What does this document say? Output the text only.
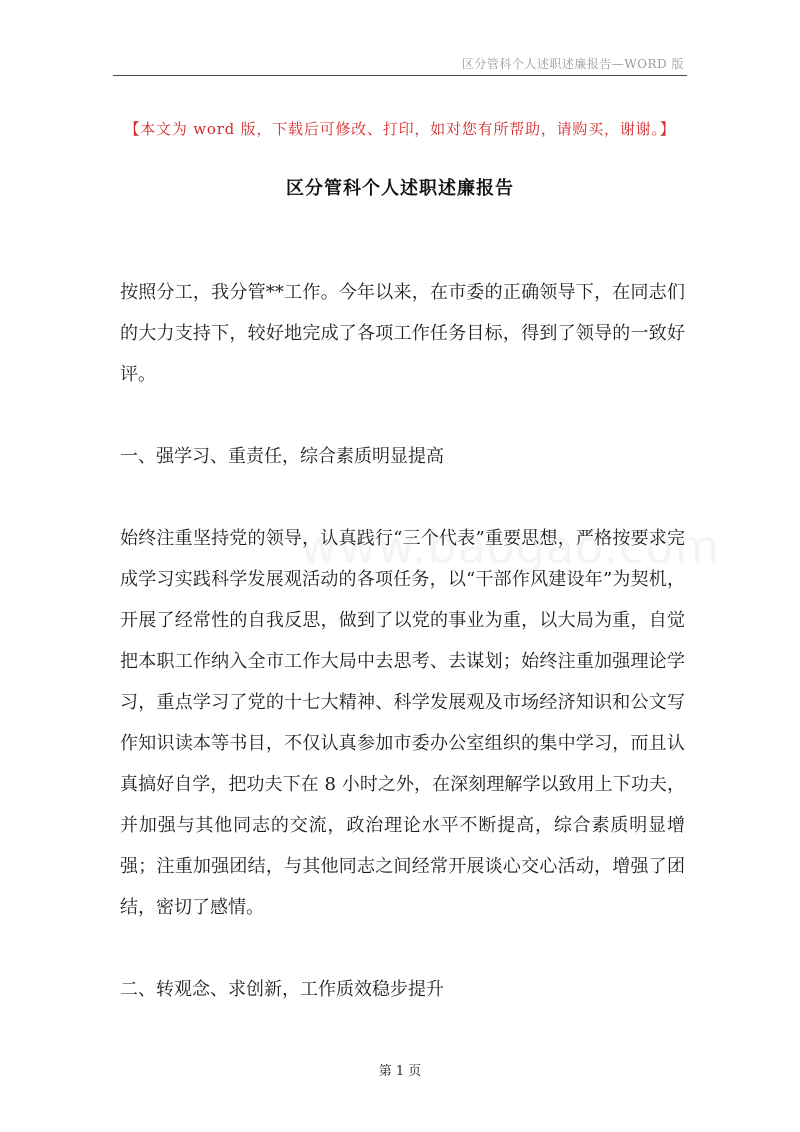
区分管科个人述职述廉报告—WORD 版
【本文为 word 版，下载后可修改、打印，如对您有所帮助，请购买，谢谢。】
区分管科个人述职述廉报告

按照分工，我分管**工作。今年以来，在市委的正确领导下，在同志们的大力支持下，较好地完成了各项工作任务目标，得到了领导的一致好评。

一、强学习、重责任，综合素质明显提高

始终注重坚持党的领导，认真践行“三个代表”重要思想，严格按要求完成学习实践科学发展观活动的各项任务，以“干部作风建设年”为契机，开展了经常性的自我反思，做到了以党的事业为重，以大局为重，自觉把本职工作纳入全市工作大局中去思考、去谋划；始终注重加强理论学习，重点学习了党的十七大精神、科学发展观及市场经济知识和公文写作知识读本等书目，不仅认真参加市委办公室组织的集中学习，而且认真搞好自学，把功夫下在 8 小时之外，在深刻理解学以致用上下功夫，并加强与其他同志的交流，政治理论水平不断提高，综合素质明显增强；注重加强团结，与其他同志之间经常开展谈心交心活动，增强了团结，密切了感情。

二、转观念、求创新，工作质效稳步提升

第 1 页
